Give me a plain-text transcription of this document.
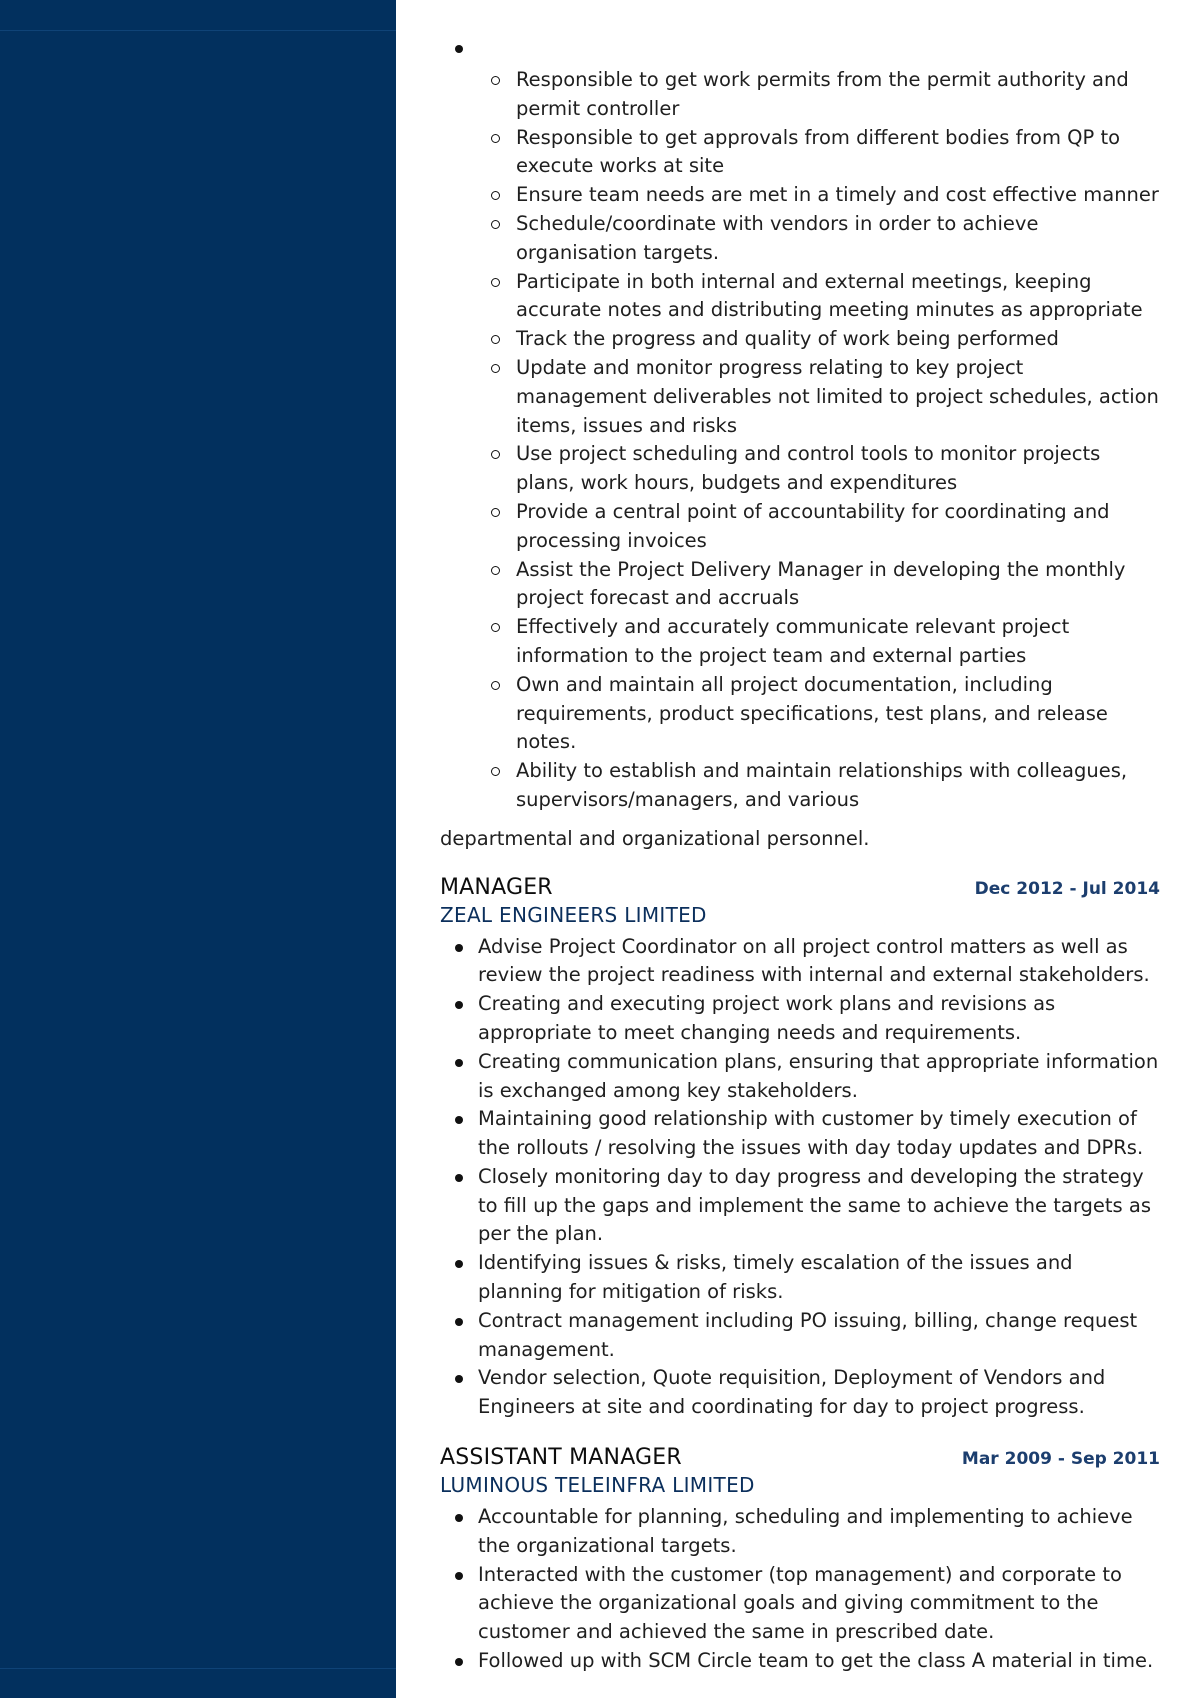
Responsible to get work permits from the permit authority and permit controller
Responsible to get approvals from different bodies from QP to execute works at site
Ensure team needs are met in a timely and cost effective manner
Schedule/coordinate with vendors in order to achieve organisation targets.
Participate in both internal and external meetings, keeping accurate notes and distributing meeting minutes as appropriate
Track the progress and quality of work being performed
Update and monitor progress relating to key project management deliverables not limited to project schedules, action items, issues and risks
Use project scheduling and control tools to monitor projects plans, work hours, budgets and expenditures
Provide a central point of accountability for coordinating and processing invoices
Assist the Project Delivery Manager in developing the monthly project forecast and accruals
Effectively and accurately communicate relevant project information to the project team and external parties
Own and maintain all project documentation, including requirements, product specifications, test plans, and release notes.
Ability to establish and maintain relationships with colleagues, supervisors/managers, and various
departmental and organizational personnel.
MANAGER	Dec 2012 - Jul 2014
ZEAL ENGINEERS LIMITED
Advise Project Coordinator on all project control matters as well as review the project readiness with internal and external stakeholders.
Creating and executing project work plans and revisions as appropriate to meet changing needs and requirements.
Creating communication plans, ensuring that appropriate information is exchanged among key stakeholders.
Maintaining good relationship with customer by timely execution of the rollouts / resolving the issues with day today updates and DPRs.
Closely monitoring day to day progress and developing the strategy to fill up the gaps and implement the same to achieve the targets as per the plan.
Identifying issues & risks, timely escalation of the issues and planning for mitigation of risks.
Contract management including PO issuing, billing, change request management.
Vendor selection, Quote requisition, Deployment of Vendors and Engineers at site and coordinating for day to project progress.
ASSISTANT MANAGER	Mar 2009 - Sep 2011
LUMINOUS TELEINFRA LIMITED
Accountable for planning, scheduling and implementing to achieve the organizational targets.
Interacted with the customer (top management) and corporate to achieve the organizational goals and giving commitment to the customer and achieved the same in prescribed date.
Followed up with SCM Circle team to get the class A material in time.
